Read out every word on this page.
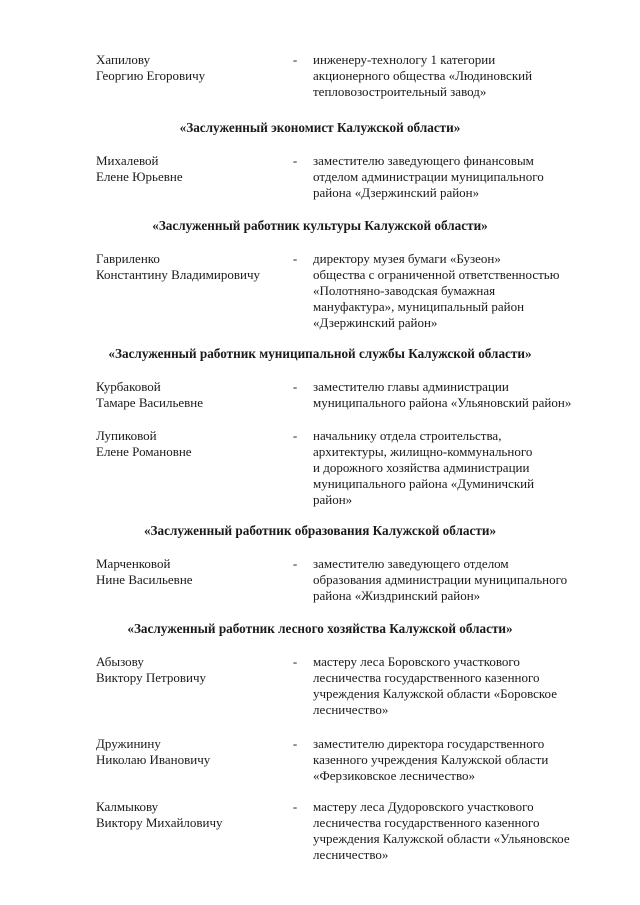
Хапилову
Георгию Егоровичу
- инженеру-технологу 1 категории
акционерного общества «Людиновский
тепловозостроительный завод»
«Заслуженный экономист Калужской области»
Михалевой
Елене Юрьевне
- заместителю заведующего финансовым
отделом администрации муниципального
района «Дзержинский район»
«Заслуженный работник культуры Калужской области»
Гавриленко
Константину Владимировичу
- директору музея бумаги «Бузеон»
общества с ограниченной ответственностью
«Полотняно-заводская бумажная
мануфактура», муниципальный район
«Дзержинский район»
«Заслуженный работник муниципальной службы Калужской области»
Курбаковой
Тамаре Васильевне
- заместителю главы администрации
муниципального района «Ульяновский район»
Лупиковой
Елене Романовне
- начальнику отдела строительства,
архитектуры, жилищно-коммунального
и дорожного хозяйства администрации
муниципального района «Думиничский
район»
«Заслуженный работник образования Калужской области»
Марченковой
Нине Васильевне
- заместителю заведующего отделом
образования администрации муниципального
района «Жиздринский район»
«Заслуженный работник лесного хозяйства Калужской области»
Абызову
Виктору Петровичу
- мастеру леса Боровского участкового
лесничества государственного казенного
учреждения Калужской области «Боровское
лесничество»
Дружинину
Николаю Ивановичу
- заместителю директора государственного
казенного учреждения Калужской области
«Ферзиковское лесничество»
Калмыкову
Виктору Михайловичу
- мастеру леса Дудоровского участкового
лесничества государственного казенного
учреждения Калужской области «Ульяновское
лесничество»
